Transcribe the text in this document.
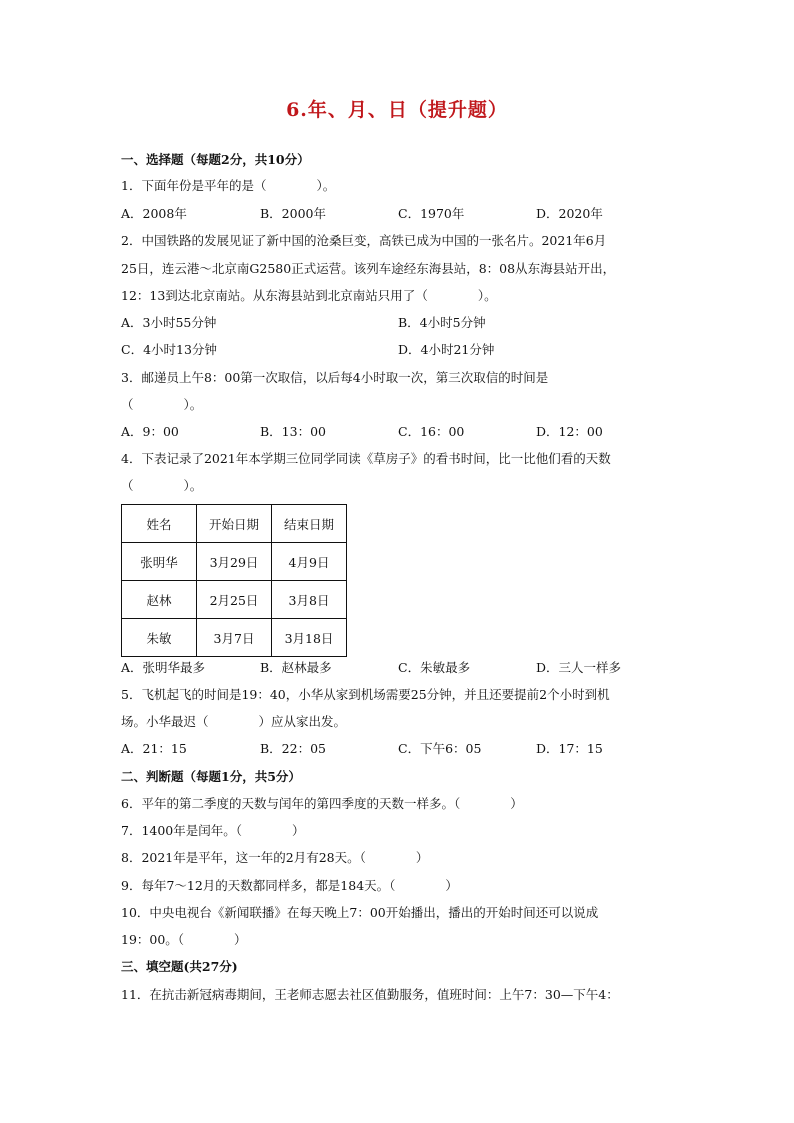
6.年、月、日（提升题）
一、选择题（每题2分，共10分）
1．下面年份是平年的是（　　　　）。
A．2008年	B．2000年	C．1970年	D．2020年
2．中国铁路的发展见证了新中国的沧桑巨变，高铁已成为中国的一张名片。2021年6月
25日，连云港～北京南G2580正式运营。该列车途经东海县站，8：08从东海县站开出，
12：13到达北京南站。从东海县站到北京南站只用了（　　　　）。
A．3小时55分钟	B．4小时5分钟
C．4小时13分钟	D．4小时21分钟
3．邮递员上午8：00第一次取信，以后每4小时取一次，第三次取信的时间是
（　　　　）。
A．9：00	B．13：00	C．16：00	D．12：00
4．下表记录了2021年本学期三位同学同读《草房子》的看书时间，比一比他们看的天数
（　　　　）。
姓名	开始日期	结束日期
张明华	3月29日	4月9日
赵林	2月25日	3月8日
朱敏	3月7日	3月18日
A．张明华最多	B．赵林最多	C．朱敏最多	D．三人一样多
5．飞机起飞的时间是19：40，小华从家到机场需要25分钟，并且还要提前2个小时到机
场。小华最迟（　　　　）应从家出发。
A．21：15	B．22：05	C．下午6：05	D．17：15
二、判断题（每题1分，共5分）
6．平年的第二季度的天数与闰年的第四季度的天数一样多。（　　　　）
7．1400年是闰年。（　　　　）
8．2021年是平年，这一年的2月有28天。（　　　　）
9．每年7～12月的天数都同样多，都是184天。（　　　　）
10．中央电视台《新闻联播》在每天晚上7：00开始播出，播出的开始时间还可以说成
19：00。（　　　　）
三、填空题(共27分)
11．在抗击新冠病毒期间，王老师志愿去社区值勤服务，值班时间：上午7：30—下午4：
